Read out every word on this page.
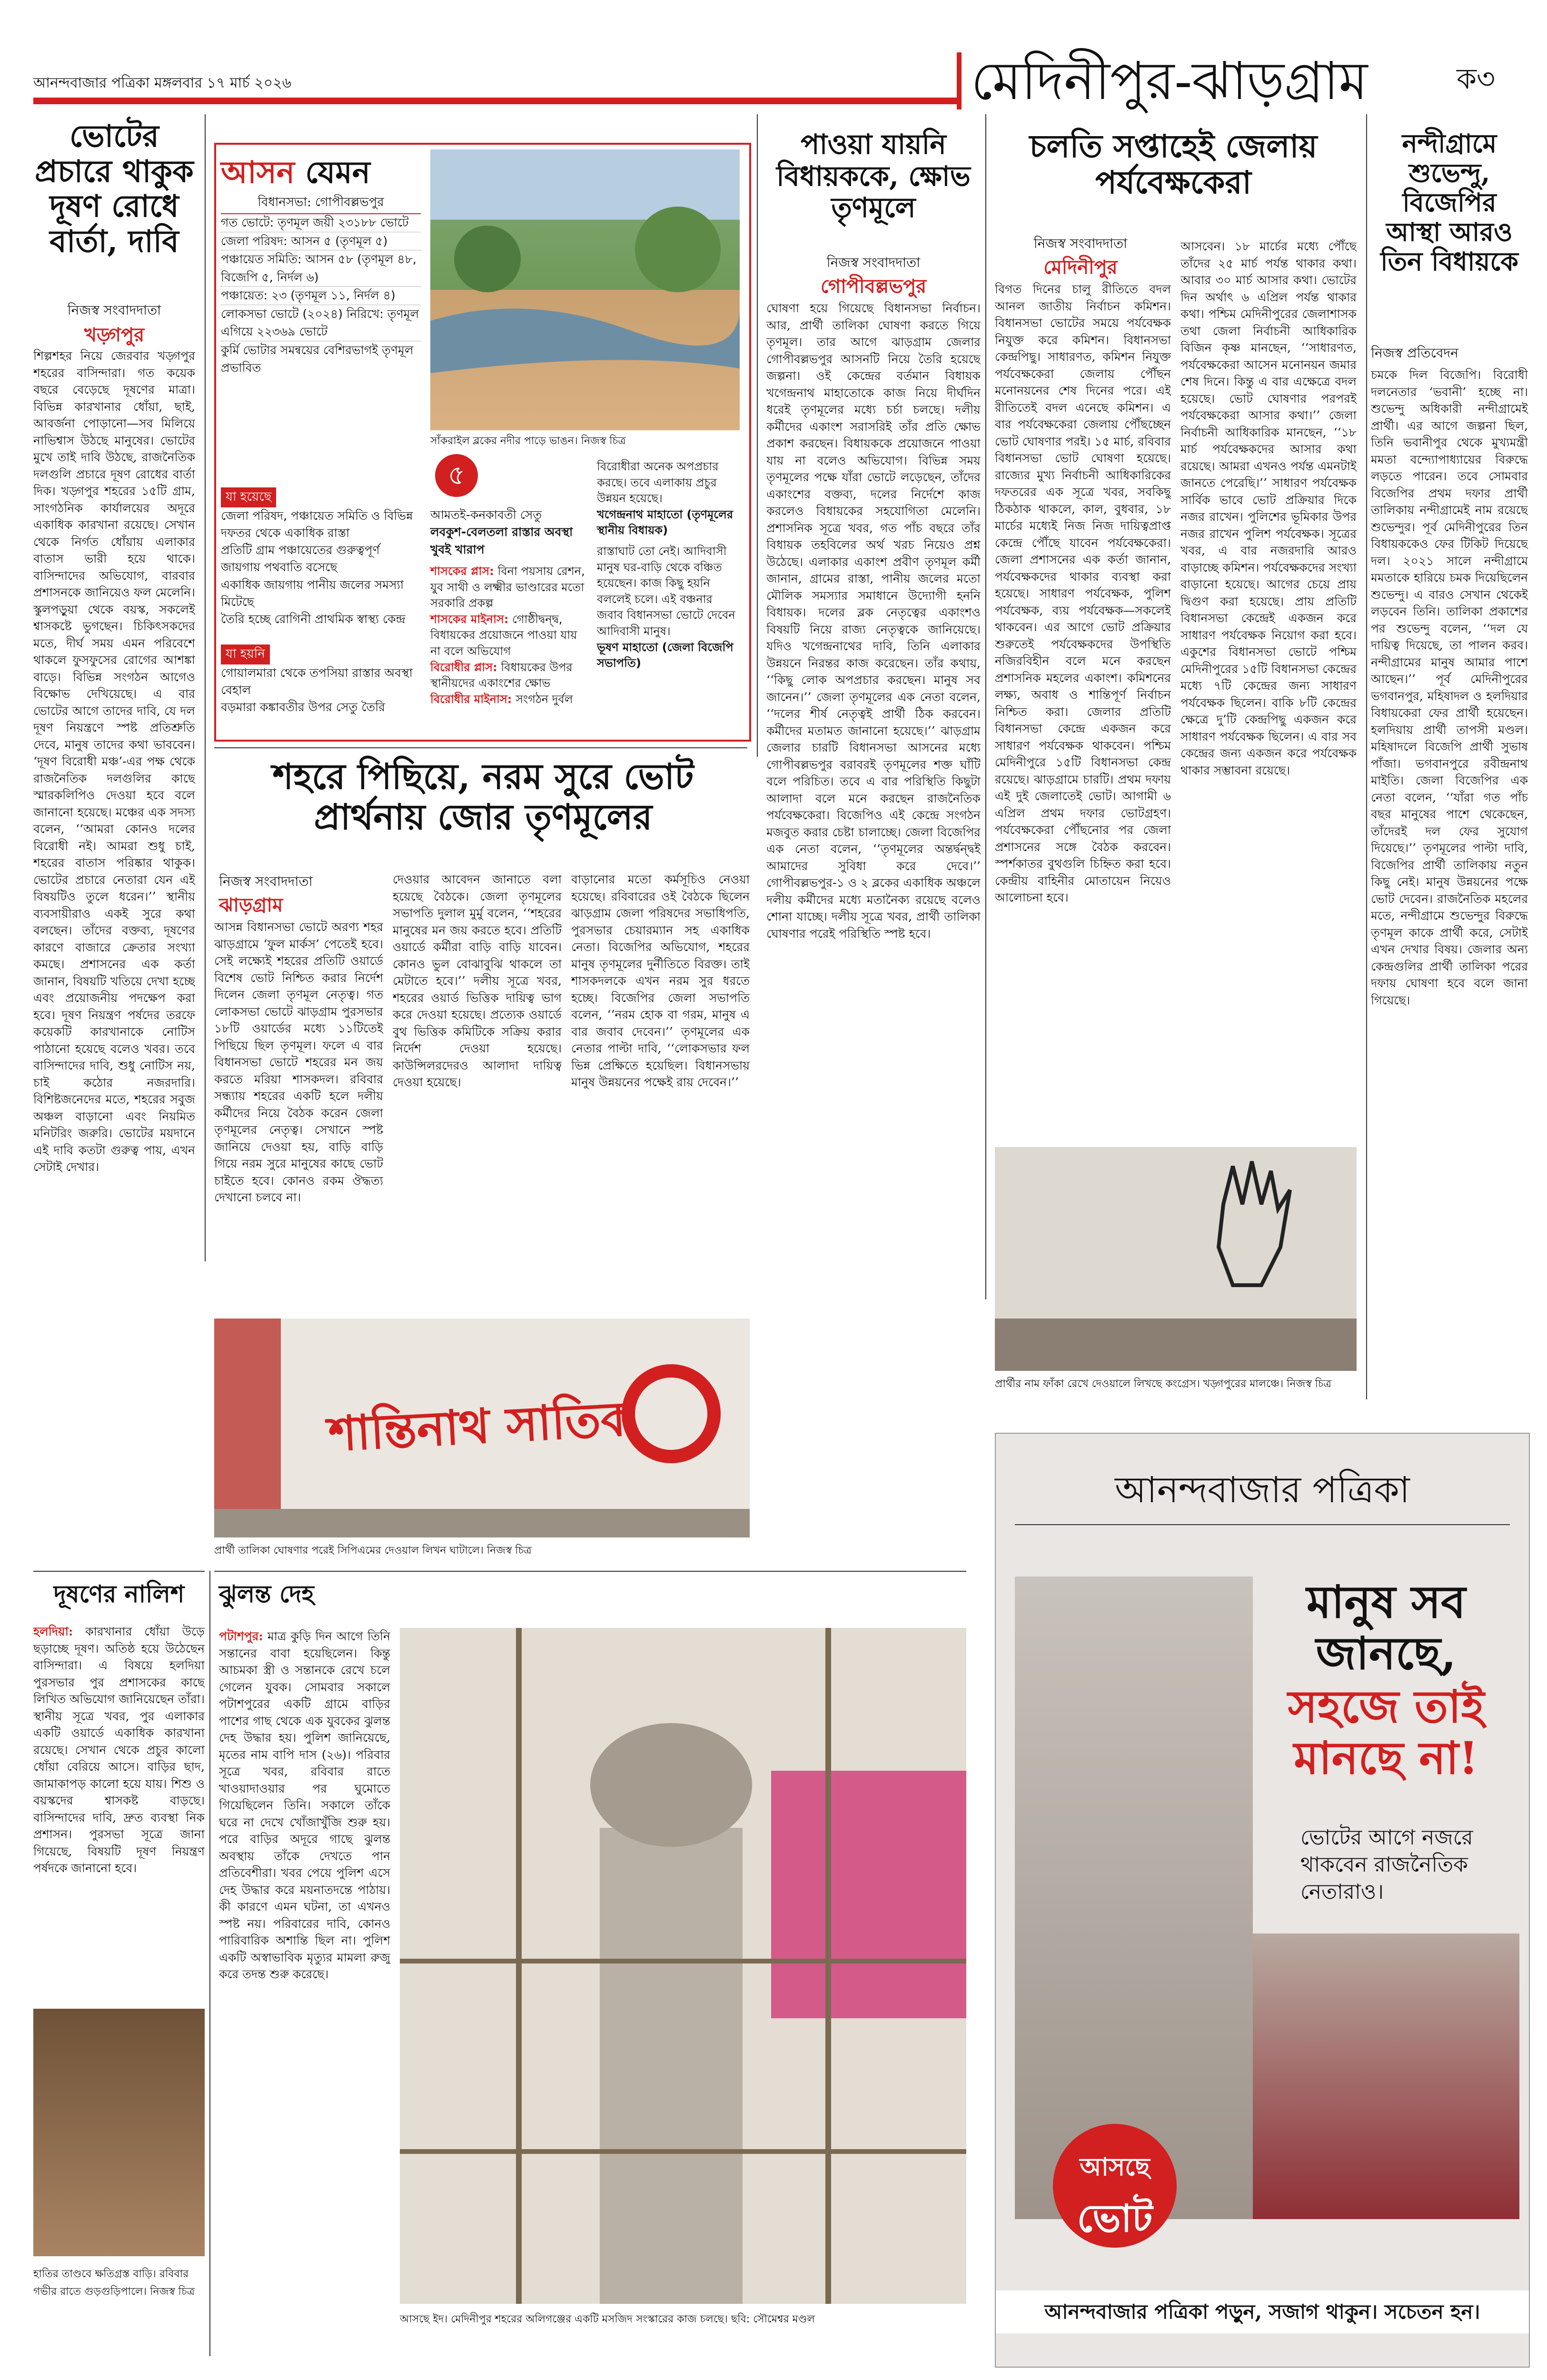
আনন্দবাজার পত্রিকা মঙ্গলবার ১৭ মার্চ ২০২৬	মেদিনীপুর-ঝাড়গ্রাম	ক৩
ভোটের প্রচারে থাকুক দূষণ রোধে বার্তা, দাবি
নিজস্ব সংবাদদাতা
খড়্গপুর
শিল্পশহর নিয়ে জেরবার খড়্গপুর শহরের বাসিন্দারা। গত কয়েক বছরে বেড়েছে দূষণের মাত্রা। বিভিন্ন কারখানার ধোঁয়া, ছাই, আবর্জনা পোড়ানো—সব মিলিয়ে নাভিশ্বাস উঠছে মানুষের। ভোটের মুখে তাই দাবি উঠছে, রাজনৈতিক দলগুলি প্রচারে দূষণ রোধের বার্তা দিক। খড়্গপুর শহরের ১৫টি গ্রাম, সাংগঠনিক কার্যালয়ের অদূরে একাধিক কারখানা রয়েছে। সেখান থেকে নির্গত ধোঁয়ায় এলাকার বাতাস ভারী হয়ে থাকে। বাসিন্দাদের অভিযোগ, বারবার প্রশাসনকে জানিয়েও ফল মেলেনি। স্কুলপড়ুয়া থেকে বয়স্ক, সকলেই শ্বাসকষ্টে ভুগছেন। চিকিৎসকদের মতে, দীর্ঘ সময় এমন পরিবেশে থাকলে ফুসফুসের রোগের আশঙ্কা বাড়ে। বিভিন্ন সংগঠন আগেও বিক্ষোভ দেখিয়েছে। এ বার ভোটের আগে তাদের দাবি, যে দল দূষণ নিয়ন্ত্রণে স্পষ্ট প্রতিশ্রুতি দেবে, মানুষ তাদের কথা ভাববেন। ‘দূষণ বিরোধী মঞ্চ’-এর পক্ষ থেকে রাজনৈতিক দলগুলির কাছে স্মারকলিপিও দেওয়া হবে বলে জানানো হয়েছে। মঞ্চের এক সদস্য বলেন, ‘‘আমরা কোনও দলের বিরোধী নই। আমরা শুধু চাই, শহরের বাতাস পরিষ্কার থাকুক। ভোটের প্রচারে নেতারা যেন এই বিষয়টিও তুলে ধরেন।’’ স্থানীয় ব্যবসায়ীরাও একই সুরে কথা বলছেন। তাঁদের বক্তব্য, দূষণের কারণে বাজারে ক্রেতার সংখ্যা কমছে। প্রশাসনের এক কর্তা জানান, বিষয়টি খতিয়ে দেখা হচ্ছে এবং প্রয়োজনীয় পদক্ষেপ করা হবে। দূষণ নিয়ন্ত্রণ পর্ষদের তরফে কয়েকটি কারখানাকে নোটিস পাঠানো হয়েছে বলেও খবর। তবে বাসিন্দাদের দাবি, শুধু নোটিস নয়, চাই কঠোর নজরদারি। বিশিষ্টজনেদের মতে, শহরের সবুজ অঞ্চল বাড়ানো এবং নিয়মিত মনিটরিং জরুরি। ভোটের ময়দানে এই দাবি কতটা গুরুত্ব পায়, এখন সেটাই দেখার।
আসন যেমন
বিধানসভা: গোপীবল্লভপুর
গত ভোটে: তৃণমূল জয়ী ২৩১৮৮ ভোটে
জেলা পরিষদ: আসন ৫ (তৃণমূল ৫)
পঞ্চায়েত সমিতি: আসন ৫৮ (তৃণমূল ৪৮, বিজেপি ৫, নির্দল ৬)
পঞ্চায়েত: ২৩ (তৃণমূল ১১, নির্দল ৪)
লোকসভা ভোটে (২০২৪) নিরিখে: তৃণমূল এগিয়ে ২২৩৬৯ ভোটে
কুর্মি ভোটার সমন্বয়ের বেশিরভাগই তৃণমূল প্রভাবিত
যা হয়েছে
জেলা পরিষদ, পঞ্চায়েত সমিতি ও বিভিন্ন দফতর থেকে একাধিক রাস্তা
প্রতিটি গ্রাম পঞ্চায়েতের গুরুত্বপূর্ণ জায়গায় পথবাতি বসেছে
একাধিক জায়গায় পানীয় জলের সমস্যা মিটেছে
তৈরি হচ্ছে রোগিনী প্রাথমিক স্বাস্থ্য কেন্দ্র
যা হয়নি
গোয়ালমারা থেকে তপসিয়া রাস্তার অবস্থা বেহাল
বড়মারা কঙ্কাবতীর উপর সেতু তৈরি
সাঁকরাইল ব্লকের নদীর পাড়ে ভাঙন। নিজস্ব চিত্র
৫
আমতই-কনকাবতী সেতু
লবকুশ-বেলতলা রাস্তার অবস্থা খুবই খারাপ
শাসকের প্লাস: বিনা পয়সায় রেশন, যুব সাথী ও লক্ষ্মীর ভাণ্ডারের মতো সরকারি প্রকল্প
শাসকের মাইনাস: গোষ্ঠীদ্বন্দ্ব, বিধায়কের প্রয়োজনে পাওয়া যায় না বলে অভিযোগ
বিরোধীর প্লাস: বিধায়কের উপর স্থানীয়দের একাংশের ক্ষোভ
বিরোধীর মাইনাস: সংগঠন দুর্বল
বিরোধীরা অনেক অপপ্রচার করছে। তবে এলাকায় প্রচুর উন্নয়ন হয়েছে।
খগেন্দ্রনাথ মাহাতো (তৃণমূলের স্থানীয় বিধায়ক)
রাস্তাঘাট তো নেই। আদিবাসী মানুষ ঘর-বাড়ি থেকে বঞ্চিত হয়েছেন। কাজ কিছু হয়নি বললেই চলে। এই বঞ্চনার জবাব বিধানসভা ভোটে দেবেন আদিবাসী মানুষ।
ভূষণ মাহাতো (জেলা বিজেপি সভাপতি)
পাওয়া যায়নি বিধায়ককে, ক্ষোভ তৃণমূলে
নিজস্ব সংবাদদাতা
গোপীবল্লভপুর
ঘোষণা হয়ে গিয়েছে বিধানসভা নির্বাচন। আর, প্রার্থী তালিকা ঘোষণা করতে গিয়ে তৃণমূল। তার আগে ঝাড়গ্রাম জেলার গোপীবল্লভপুর আসনটি নিয়ে তৈরি হয়েছে জল্পনা। ওই কেন্দ্রের বর্তমান বিধায়ক খগেন্দ্রনাথ মাহাতোকে কাজ নিয়ে দীর্ঘদিন ধরেই তৃণমূলের মধ্যে চর্চা চলছে। দলীয় কর্মীদের একাংশ সরাসরিই তাঁর প্রতি ক্ষোভ প্রকাশ করছেন। বিধায়ককে প্রয়োজনে পাওয়া যায় না বলেও অভিযোগ। বিভিন্ন সময় তৃণমূলের পক্ষে যাঁরা ভোটে লড়েছেন, তাঁদের একাংশের বক্তব্য, দলের নির্দেশে কাজ করলেও বিধায়কের সহযোগিতা মেলেনি। প্রশাসনিক সূত্রে খবর, গত পাঁচ বছরে তাঁর বিধায়ক তহবিলের অর্থ খরচ নিয়েও প্রশ্ন উঠেছে। এলাকার একাংশ প্রবীণ তৃণমূল কর্মী জানান, গ্রামের রাস্তা, পানীয় জলের মতো মৌলিক সমস্যার সমাধানে উদ্যোগী হননি বিধায়ক। দলের ব্লক নেতৃত্বের একাংশও বিষয়টি নিয়ে রাজ্য নেতৃত্বকে জানিয়েছে। যদিও খগেন্দ্রনাথের দাবি, তিনি এলাকার উন্নয়নে নিরন্তর কাজ করেছেন। তাঁর কথায়, ‘‘কিছু লোক অপপ্রচার করছেন। মানুষ সব জানেন।’’ জেলা তৃণমূলের এক নেতা বলেন, ‘‘দলের শীর্ষ নেতৃত্বই প্রার্থী ঠিক করবেন। কর্মীদের মতামত জানানো হয়েছে।’’ ঝাড়গ্রাম জেলার চারটি বিধানসভা আসনের মধ্যে গোপীবল্লভপুর বরাবরই তৃণমূলের শক্ত ঘাঁটি বলে পরিচিত। তবে এ বার পরিস্থিতি কিছুটা আলাদা বলে মনে করছেন রাজনৈতিক পর্যবেক্ষকেরা। বিজেপিও এই কেন্দ্রে সংগঠন মজবুত করার চেষ্টা চালাচ্ছে। জেলা বিজেপির এক নেতা বলেন, ‘‘তৃণমূলের অন্তর্দ্বন্দ্বই আমাদের সুবিধা করে দেবে।’’ গোপীবল্লভপুর-১ ও ২ ব্লকের একাধিক অঞ্চলে দলীয় কর্মীদের মধ্যে মতানৈক্য রয়েছে বলেও শোনা যাচ্ছে। দলীয় সূত্রে খবর, প্রার্থী তালিকা ঘোষণার পরেই পরিস্থিতি স্পষ্ট হবে।
চলতি সপ্তাহেই জেলায় পর্যবেক্ষকেরা
নিজস্ব সংবাদদাতা
মেদিনীপুর
বিগত দিনের চালু রীতিতে বদল আনল জাতীয় নির্বাচন কমিশন। বিধানসভা ভোটের সময়ে পর্যবেক্ষক নিযুক্ত করে কমিশন। বিধানসভা কেন্দ্রপিছু। সাধারণত, কমিশন নিযুক্ত পর্যবেক্ষকেরা জেলায় পৌঁছন মনোনয়নের শেষ দিনের পরে। এই রীতিতেই বদল এনেছে কমিশন। এ বার পর্যবেক্ষকেরা জেলায় পৌঁছচ্ছেন ভোট ঘোষণার পরই। ১৫ মার্চ, রবিবার বিধানসভা ভোট ঘোষণা হয়েছে। রাজ্যের মুখ্য নির্বাচনী আধিকারিকের দফতরের এক সূত্রে খবর, সবকিছু ঠিকঠাক থাকলে, কাল, বুধবার, ১৮ মার্চের মধ্যেই নিজ নিজ দায়িত্বপ্রাপ্ত কেন্দ্রে পৌঁছে যাবেন পর্যবেক্ষকেরা। জেলা প্রশাসনের এক কর্তা জানান, পর্যবেক্ষকদের থাকার ব্যবস্থা করা হয়েছে। সাধারণ পর্যবেক্ষক, পুলিশ পর্যবেক্ষক, ব্যয় পর্যবেক্ষক—সকলেই থাকবেন। এর আগে ভোট প্রক্রিয়ার শুরুতেই পর্যবেক্ষকদের উপস্থিতি নজিরবিহীন বলে মনে করছেন প্রশাসনিক মহলের একাংশ। কমিশনের লক্ষ্য, অবাধ ও শান্তিপূর্ণ নির্বাচন নিশ্চিত করা। জেলার প্রতিটি বিধানসভা কেন্দ্রে একজন করে সাধারণ পর্যবেক্ষক থাকবেন। পশ্চিম মেদিনীপুরে ১৫টি বিধানসভা কেন্দ্র রয়েছে। ঝাড়গ্রামে চারটি। প্রথম দফায় এই দুই জেলাতেই ভোট। আগামী ৬ এপ্রিল প্রথম দফার ভোটগ্রহণ। পর্যবেক্ষকেরা পৌঁছনোর পর জেলা প্রশাসনের সঙ্গে বৈঠক করবেন। স্পর্শকাতর বুথগুলি চিহ্নিত করা হবে। কেন্দ্রীয় বাহিনীর মোতায়েন নিয়েও আলোচনা হবে।
আসবেন। ১৮ মার্চের মধ্যে পৌঁছে তাঁদের ২৫ মার্চ পর্যন্ত থাকার কথা। আবার ৩০ মার্চ আসার কথা। ভোটের দিন অর্থাৎ ৬ এপ্রিল পর্যন্ত থাকার কথা। পশ্চিম মেদিনীপুরের জেলাশাসক তথা জেলা নির্বাচনী আধিকারিক বিজিন কৃষ্ণ মানছেন, ‘‘সাধারণত, পর্যবেক্ষকেরা আসেন মনোনয়ন জমার শেষ দিনে। কিন্তু এ বার এক্ষেত্রে বদল হয়েছে। ভোট ঘোষণার পরপরই পর্যবেক্ষকেরা আসার কথা।’’ জেলা নির্বাচনী আধিকারিক মানছেন, ‘‘১৮ মার্চ পর্যবেক্ষকদের আসার কথা রয়েছে। আমরা এখনও পর্যন্ত এমনটাই জানতে পেরেছি।’’ সাধারণ পর্যবেক্ষক সার্বিক ভাবে ভোট প্রক্রিয়ার দিকে নজর রাখেন। পুলিশের ভূমিকার উপর নজর রাখেন পুলিশ পর্যবেক্ষক। সূত্রের খবর, এ বার নজরদারি আরও বাড়াচ্ছে কমিশন। পর্যবেক্ষকদের সংখ্যা বাড়ানো হয়েছে। আগের চেয়ে প্রায় দ্বিগুণ করা হয়েছে। প্রায় প্রতিটি বিধানসভা কেন্দ্রেই একজন করে সাধারণ পর্যবেক্ষক নিয়োগ করা হবে। একুশের বিধানসভা ভোটে পশ্চিম মেদিনীপুরের ১৫টি বিধানসভা কেন্দ্রের মধ্যে ৭টি কেন্দ্রের জন্য সাধারণ পর্যবেক্ষক ছিলেন। বাকি ৮টি কেন্দ্রের ক্ষেত্রে দু’টি কেন্দ্রপিছু একজন করে সাধারণ পর্যবেক্ষক ছিলেন। এ বার সব কেন্দ্রের জন্য একজন করে পর্যবেক্ষক থাকার সম্ভাবনা রয়েছে।
প্রার্থীর নাম ফাঁকা রেখে দেওয়ালে লিখছে কংগ্রেস। খড়্গপুরের মালঞ্চে। নিজস্ব চিত্র
নন্দীগ্রামে শুভেন্দু, বিজেপির আস্থা আরও তিন বিধায়কে
নিজস্ব প্রতিবেদন
চমকে দিল বিজেপি। বিরোধী দলনেতার ‘ভবানী’ হচ্ছে না। শুভেন্দু অধিকারী নন্দীগ্রামেই প্রার্থী। এর আগে জল্পনা ছিল, তিনি ভবানীপুর থেকে মুখ্যমন্ত্রী মমতা বন্দ্যোপাধ্যায়ের বিরুদ্ধে লড়তে পারেন। তবে সোমবার বিজেপির প্রথম দফার প্রার্থী তালিকায় নন্দীগ্রামেই নাম রয়েছে শুভেন্দুর। পূর্ব মেদিনীপুরের তিন বিধায়ককেও ফের টিকিট দিয়েছে দল। ২০২১ সালে নন্দীগ্রামে মমতাকে হারিয়ে চমক দিয়েছিলেন শুভেন্দু। এ বারও সেখান থেকেই লড়বেন তিনি। তালিকা প্রকাশের পর শুভেন্দু বলেন, ‘‘দল যে দায়িত্ব দিয়েছে, তা পালন করব। নন্দীগ্রামের মানুষ আমার পাশে আছেন।’’ পূর্ব মেদিনীপুরের ভগবানপুর, মহিষাদল ও হলদিয়ার বিধায়কেরা ফের প্রার্থী হয়েছেন। হলদিয়ায় প্রার্থী তাপসী মণ্ডল। মহিষাদলে বিজেপি প্রার্থী সুভাষ পাঁজা। ভগবানপুরে রবীন্দ্রনাথ মাইতি। জেলা বিজেপির এক নেতা বলেন, ‘‘যাঁরা গত পাঁচ বছর মানুষের পাশে থেকেছেন, তাঁদেরই দল ফের সুযোগ দিয়েছে।’’ তৃণমূলের পাল্টা দাবি, বিজেপির প্রার্থী তালিকায় নতুন কিছু নেই। মানুষ উন্নয়নের পক্ষে ভোট দেবেন। রাজনৈতিক মহলের মতে, নন্দীগ্রামে শুভেন্দুর বিরুদ্ধে তৃণমূল কাকে প্রার্থী করে, সেটাই এখন দেখার বিষয়। জেলার অন্য কেন্দ্রগুলির প্রার্থী তালিকা পরের দফায় ঘোষণা হবে বলে জানা গিয়েছে।
শহরে পিছিয়ে, নরম সুরে ভোট প্রার্থনায় জোর তৃণমূলের
নিজস্ব সংবাদদাতা
ঝাড়গ্রাম
আসন্ন বিধানসভা ভোটে অরণ্য শহর ঝাড়গ্রামে ‘ফুল মার্কস’ পেতেই হবে। সেই লক্ষ্যেই শহরের প্রতিটি ওয়ার্ডে বিশেষ ভোট নিশ্চিত করার নির্দেশ দিলেন জেলা তৃণমূল নেতৃত্ব। গত লোকসভা ভোটে ঝাড়গ্রাম পুরসভার ১৮টি ওয়ার্ডের মধ্যে ১১টিতেই পিছিয়ে ছিল তৃণমূল। ফলে এ বার বিধানসভা ভোটে শহরের মন জয় করতে মরিয়া শাসকদল। রবিবার সন্ধ্যায় শহরের একটি হলে দলীয় কর্মীদের নিয়ে বৈঠক করেন জেলা তৃণমূলের নেতৃত্ব। সেখানে স্পষ্ট জানিয়ে দেওয়া হয়, বাড়ি বাড়ি গিয়ে নরম সুরে মানুষের কাছে ভোট চাইতে হবে। কোনও রকম ঔদ্ধত্য দেখানো চলবে না।
দেওয়ার আবেদন জানাতে বলা হয়েছে বৈঠকে। জেলা তৃণমূলের সভাপতি দুলাল মুর্মু বলেন, ‘‘শহরের মানুষের মন জয় করতে হবে। প্রতিটি ওয়ার্ডে কর্মীরা বাড়ি বাড়ি যাবেন। কোনও ভুল বোঝাবুঝি থাকলে তা মেটাতে হবে।’’ দলীয় সূত্রে খবর, শহরের ওয়ার্ড ভিত্তিক দায়িত্ব ভাগ করে দেওয়া হয়েছে। প্রত্যেক ওয়ার্ডে বুথ ভিত্তিক কমিটিকে সক্রিয় করার নির্দেশ দেওয়া হয়েছে। কাউন্সিলরদেরও আলাদা দায়িত্ব দেওয়া হয়েছে।
বাড়ানোর মতো কর্মসূচিও নেওয়া হয়েছে। রবিবারের ওই বৈঠকে ছিলেন ঝাড়গ্রাম জেলা পরিষদের সভাধিপতি, পুরসভার চেয়ারম্যান সহ একাধিক নেতা। বিজেপির অভিযোগ, শহরের মানুষ তৃণমূলের দুর্নীতিতে বিরক্ত। তাই শাসকদলকে এখন নরম সুর ধরতে হচ্ছে। বিজেপির জেলা সভাপতি বলেন, ‘‘নরম হোক বা গরম, মানুষ এ বার জবাব দেবেন।’’ তৃণমূলের এক নেতার পাল্টা দাবি, ‘‘লোকসভার ফল ভিন্ন প্রেক্ষিতে হয়েছিল। বিধানসভায় মানুষ উন্নয়নের পক্ষেই রায় দেবেন।’’
শান্তিনাথ সাতিক
প্রার্থী তালিকা ঘোষণার পরেই সিপিএমের দেওয়াল লিখন ঘাটালে। নিজস্ব চিত্র
দূষণের নালিশ
হলদিয়া: কারখানার ধোঁয়া উড়ে ছড়াচ্ছে দূষণ। অতিষ্ঠ হয়ে উঠেছেন বাসিন্দারা। এ বিষয়ে হলদিয়া পুরসভার পুর প্রশাসকের কাছে লিখিত অভিযোগ জানিয়েছেন তাঁরা। স্থানীয় সূত্রে খবর, পুর এলাকার একটি ওয়ার্ডে একাধিক কারখানা রয়েছে। সেখান থেকে প্রচুর কালো ধোঁয়া বেরিয়ে আসে। বাড়ির ছাদ, জামাকাপড় কালো হয়ে যায়। শিশু ও বয়স্কদের শ্বাসকষ্ট বাড়ছে। বাসিন্দাদের দাবি, দ্রুত ব্যবস্থা নিক প্রশাসন। পুরসভা সূত্রে জানা গিয়েছে, বিষয়টি দূষণ নিয়ন্ত্রণ পর্ষদকে জানানো হবে।
হাতির তাণ্ডবে ক্ষতিগ্রস্ত বাড়ি। রবিবার গভীর রাতে গুড়গুড়িপালে। নিজস্ব চিত্র
ঝুলন্ত দেহ
পটাশপুর: মাত্র কুড়ি দিন আগে তিনি সন্তানের বাবা হয়েছিলেন। কিন্তু আচমকা স্ত্রী ও সন্তানকে রেখে চলে গেলেন যুবক। সোমবার সকালে পটাশপুরের একটি গ্রামে বাড়ির পাশের গাছ থেকে এক যুবকের ঝুলন্ত দেহ উদ্ধার হয়। পুলিশ জানিয়েছে, মৃতের নাম বাপি দাস (২৬)। পরিবার সূত্রে খবর, রবিবার রাতে খাওয়াদাওয়ার পর ঘুমোতে গিয়েছিলেন তিনি। সকালে তাঁকে ঘরে না দেখে খোঁজাখুঁজি শুরু হয়। পরে বাড়ির অদূরে গাছে ঝুলন্ত অবস্থায় তাঁকে দেখতে পান প্রতিবেশীরা। খবর পেয়ে পুলিশ এসে দেহ উদ্ধার করে ময়নাতদন্তে পাঠায়। কী কারণে এমন ঘটনা, তা এখনও স্পষ্ট নয়। পরিবারের দাবি, কোনও পারিবারিক অশান্তি ছিল না। পুলিশ একটি অস্বাভাবিক মৃত্যুর মামলা রুজু করে তদন্ত শুরু করেছে।
আসছে ইদ। মেদিনীপুর শহরের অলিগঞ্জের একটি মসজিদ সংস্কারের কাজ চলছে। ছবি: সৌমেশ্বর মণ্ডল
আনন্দবাজার পত্রিকা
মানুষ সব জানছে,
সহজে তাই মানছে না!
ভোটের আগে নজরে থাকবেন রাজনৈতিক নেতারাও।
আসছে
ভোট
আনন্দবাজার পত্রিকা পড়ুন, সজাগ থাকুন। সচেতন হন।
